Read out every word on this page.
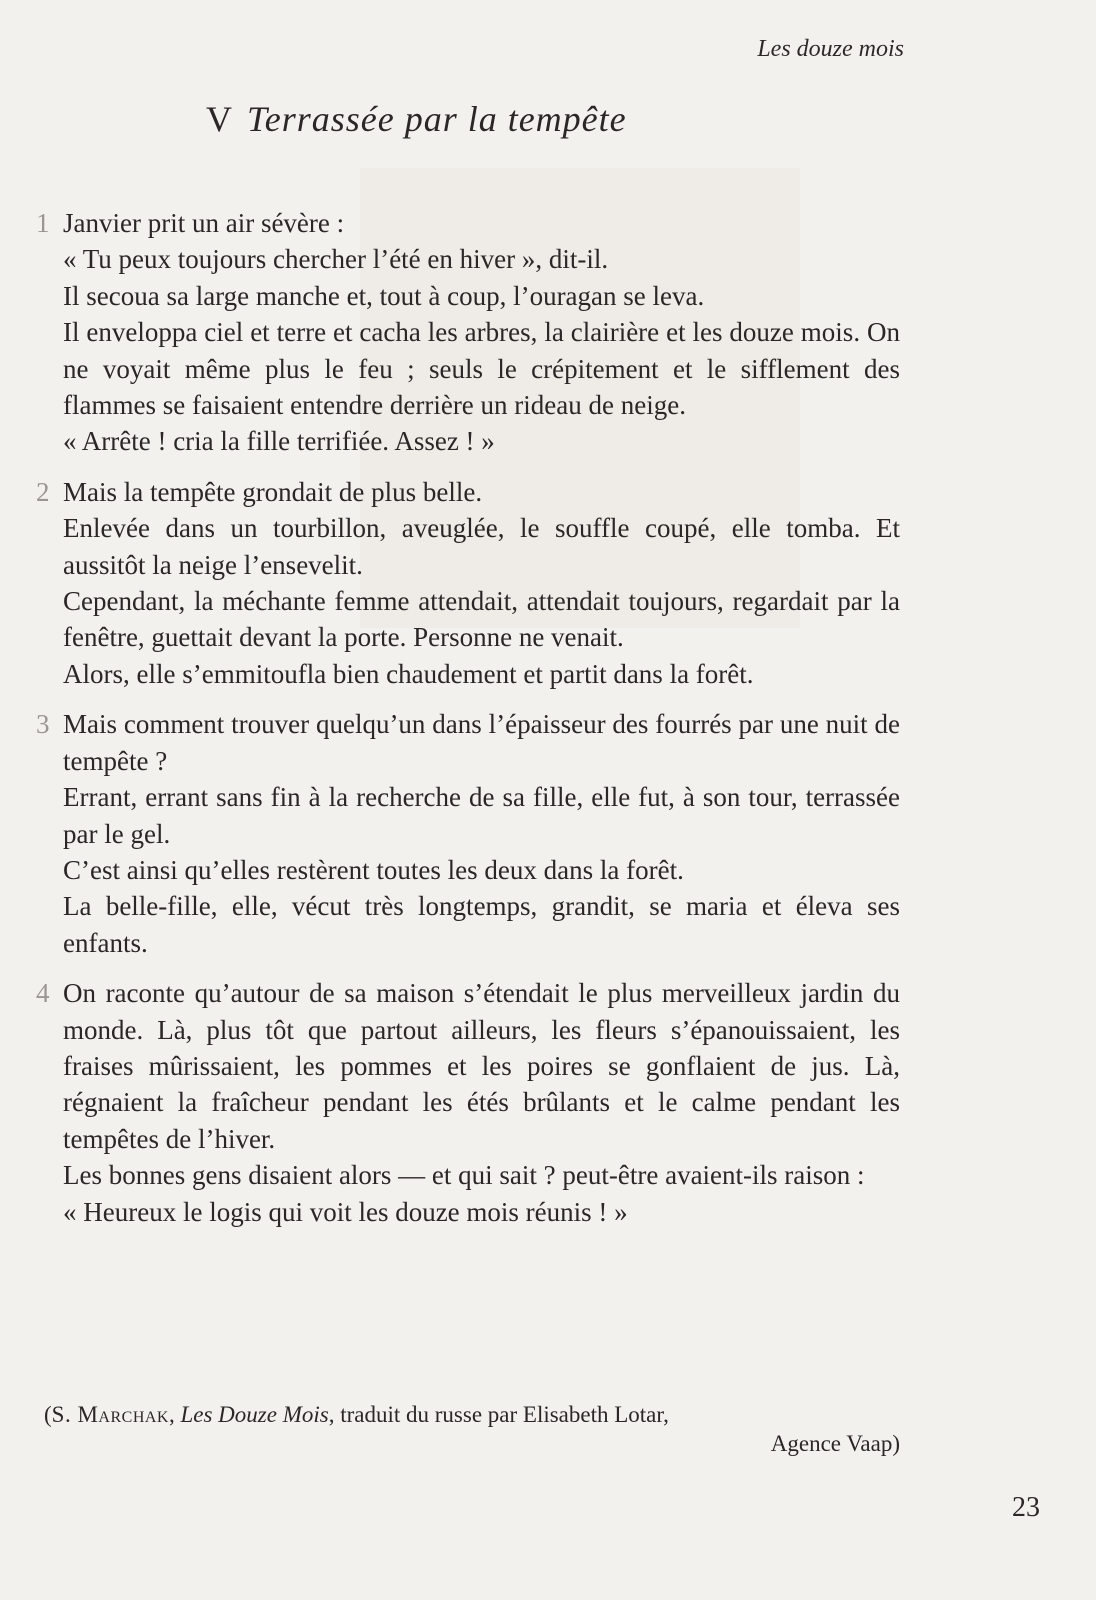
Les douze mois
V Terrassée par la tempête

1 Janvier prit un air sévère :

« Tu peux toujours chercher l’été en hiver », dit-il.

Il secoua sa large manche et, tout à coup, l’ouragan se leva.

Il enveloppa ciel et terre et cacha les arbres, la clairière et les douze mois. On ne voyait même plus le feu ; seuls le crépitement et le sifflement des flammes se faisaient entendre derrière un rideau de neige.

« Arrête ! cria la fille terrifiée. Assez ! »

2 Mais la tempête grondait de plus belle.

Enlevée dans un tourbillon, aveuglée, le souffle coupé, elle tomba. Et aussitôt la neige l’ensevelit.

Cependant, la méchante femme attendait, attendait toujours, regardait par la fenêtre, guettait devant la porte. Personne ne venait.

Alors, elle s’emmitoufla bien chaudement et partit dans la forêt.

3 Mais comment trouver quelqu’un dans l’épaisseur des fourrés par une nuit de tempête ?

Errant, errant sans fin à la recherche de sa fille, elle fut, à son tour, terrassée par le gel.

C’est ainsi qu’elles restèrent toutes les deux dans la forêt.

La belle-fille, elle, vécut très longtemps, grandit, se maria et éleva ses enfants.

4 On raconte qu’autour de sa maison s’étendait le plus merveilleux jardin du monde. Là, plus tôt que partout ailleurs, les fleurs s’épanouissaient, les fraises mûrissaient, les pommes et les poires se gonflaient de jus. Là, régnaient la fraîcheur pendant les étés brûlants et le calme pendant les tempêtes de l’hiver.

Les bonnes gens disaient alors — et qui sait ? peut-être avaient-ils raison :

« Heureux le logis qui voit les douze mois réunis ! »

(S. Marchak, Les Douze Mois, traduit du russe par Elisabeth Lotar,
Agence Vaap)
23
